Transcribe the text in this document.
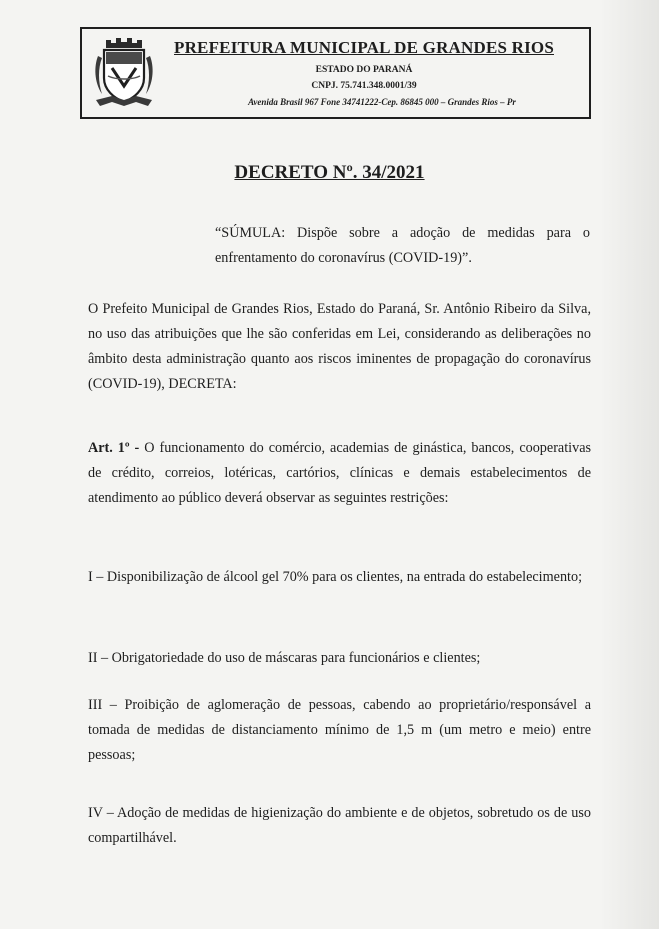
PREFEITURA MUNICIPAL DE GRANDES RIOS
ESTADO DO PARANÁ
CNPJ. 75.741.348.0001/39
Avenida Brasil 967 Fone 34741222-Cep. 86845 000 – Grandes Rios – Pr
DECRETO Nº. 34/2021

“SÚMULA: Dispõe sobre a adoção de medidas para o enfrentamento do coronavírus (COVID-19)”.

O Prefeito Municipal de Grandes Rios, Estado do Paraná, Sr. Antônio Ribeiro da Silva, no uso das atribuições que lhe são conferidas em Lei, considerando as deliberações no âmbito desta administração quanto aos riscos iminentes de propagação do coronavírus (COVID-19), DECRETA:

Art. 1º - O funcionamento do comércio, academias de ginástica, bancos, cooperativas de crédito, correios, lotéricas, cartórios, clínicas e demais estabelecimentos de atendimento ao público deverá observar as seguintes restrições:

I – Disponibilização de álcool gel 70% para os clientes, na entrada do estabelecimento;

II – Obrigatoriedade do uso de máscaras para funcionários e clientes;

III – Proibição de aglomeração de pessoas, cabendo ao proprietário/responsável a tomada de medidas de distanciamento mínimo de 1,5 m (um metro e meio) entre pessoas;

IV – Adoção de medidas de higienização do ambiente e de objetos, sobretudo os de uso compartilhável.
